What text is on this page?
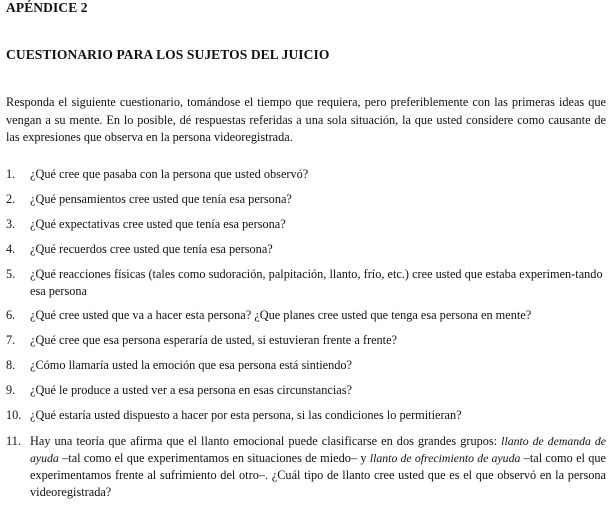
APÉNDICE 2
CUESTIONARIO PARA LOS SUJETOS DEL JUICIO

Responda el siguiente cuestionario, tomándose el tiempo que requiera, pero preferiblemente con las primeras ideas que vengan a su mente. En lo posible, dé respuestas referidas a una sola situación, la que usted considere como causante de las expresiones que observa en la persona videoregistrada.

1.	¿Qué cree que pasaba con la persona que usted observó?
2.	¿Qué pensamientos cree usted que tenía esa persona?
3.	¿Qué expectativas cree usted que tenía esa persona?
4.	¿Qué recuerdos cree usted que tenía esa persona?
5.	¿Qué reacciones físicas (tales como sudoración, palpitación, llanto, frío, etc.) cree usted que estaba experimen-tando esa persona
6.	¿Qué cree usted que va a hacer esta persona? ¿Que planes cree usted que tenga esa persona en mente?
7.	¿Qué cree que esa persona esperaría de usted, si estuvieran frente a frente?
8.	¿Cómo llamaría usted la emoción que esa persona está sintiendo?
9.	¿Qué le produce a usted ver a esa persona en esas circunstancias?
10. ¿Qué estaría usted dispuesto a hacer por esta persona, si las condiciones lo permitieran?
11. Hay una teoría que afirma que el llanto emocional puede clasificarse en dos grandes grupos: llanto de demanda de ayuda –tal como el que experimentamos en situaciones de miedo– y llanto de ofrecimiento de ayuda –tal como el que experimentamos frente al sufrimiento del otro–. ¿Cuál tipo de llanto cree usted que es el que observó en la persona videoregistrada?
